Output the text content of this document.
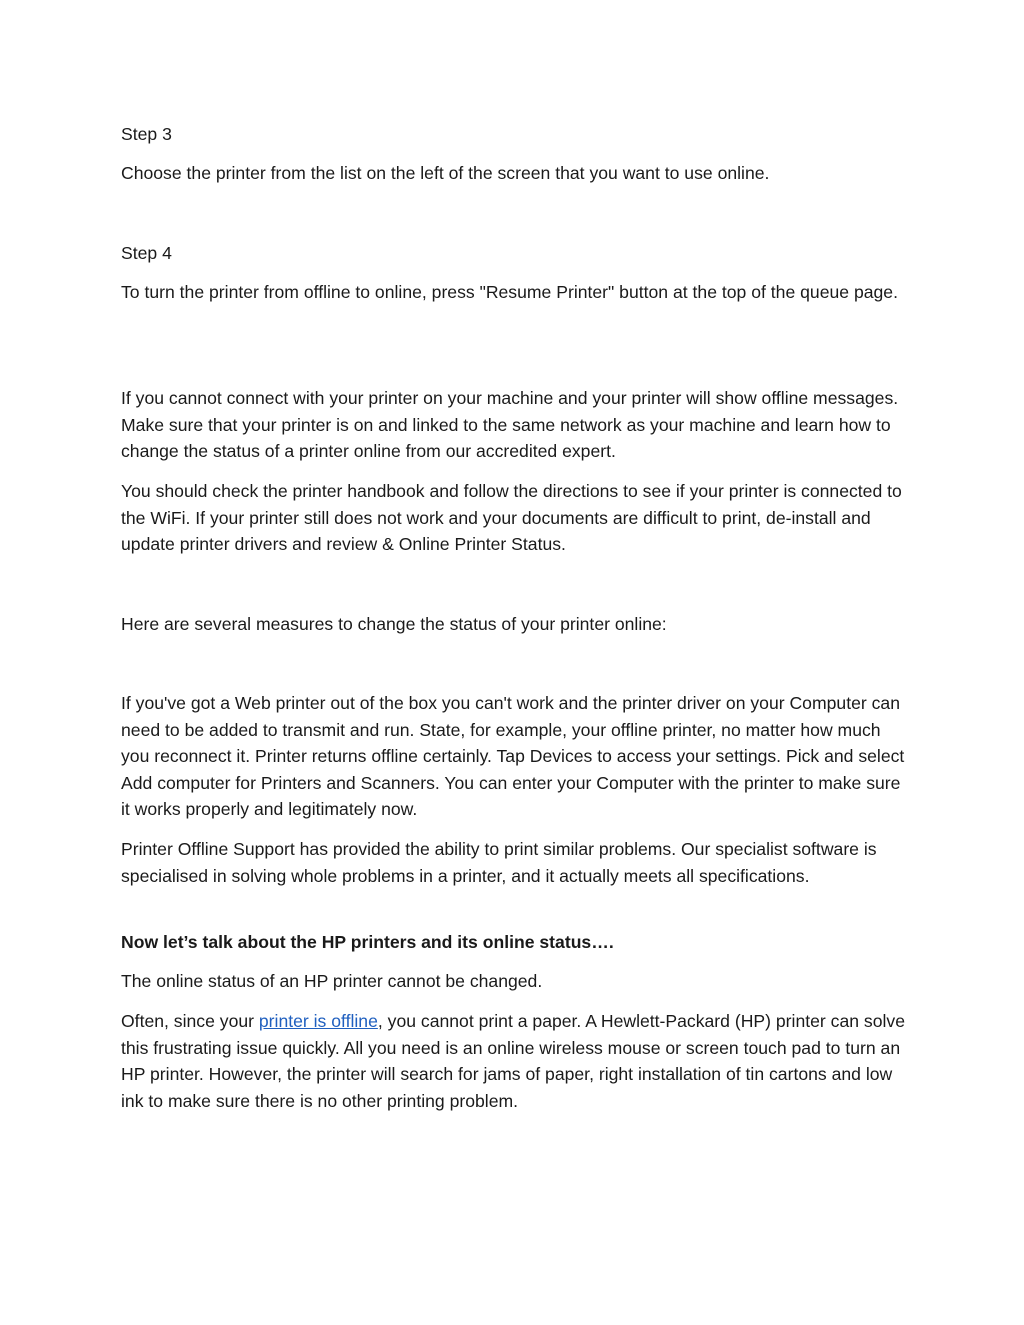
Step 3

Choose the printer from the list on the left of the screen that you want to use online.

Step 4

To turn the printer from offline to online, press "Resume Printer" button at the top of the queue page.

If you cannot connect with your printer on your machine and your printer will show offline messages. Make sure that your printer is on and linked to the same network as your machine and learn how to change the status of a printer online from our accredited expert.

You should check the printer handbook and follow the directions to see if your printer is connected to the WiFi. If your printer still does not work and your documents are difficult to print, de-install and update printer drivers and review & Online Printer Status.

Here are several measures to change the status of your printer online:

If you've got a Web printer out of the box you can't work and the printer driver on your Computer can need to be added to transmit and run. State, for example, your offline printer, no matter how much you reconnect it. Printer returns offline certainly. Tap Devices to access your settings. Pick and select Add computer for Printers and Scanners. You can enter your Computer with the printer to make sure it works properly and legitimately now.

Printer Offline Support has provided the ability to print similar problems. Our specialist software is specialised in solving whole problems in a printer, and it actually meets all specifications.

Now let’s talk about the HP printers and its online status….

The online status of an HP printer cannot be changed.

Often, since your printer is offline, you cannot print a paper. A Hewlett-Packard (HP) printer can solve this frustrating issue quickly. All you need is an online wireless mouse or screen touch pad to turn an HP printer. However, the printer will search for jams of paper, right installation of tin cartons and low ink to make sure there is no other printing problem.
